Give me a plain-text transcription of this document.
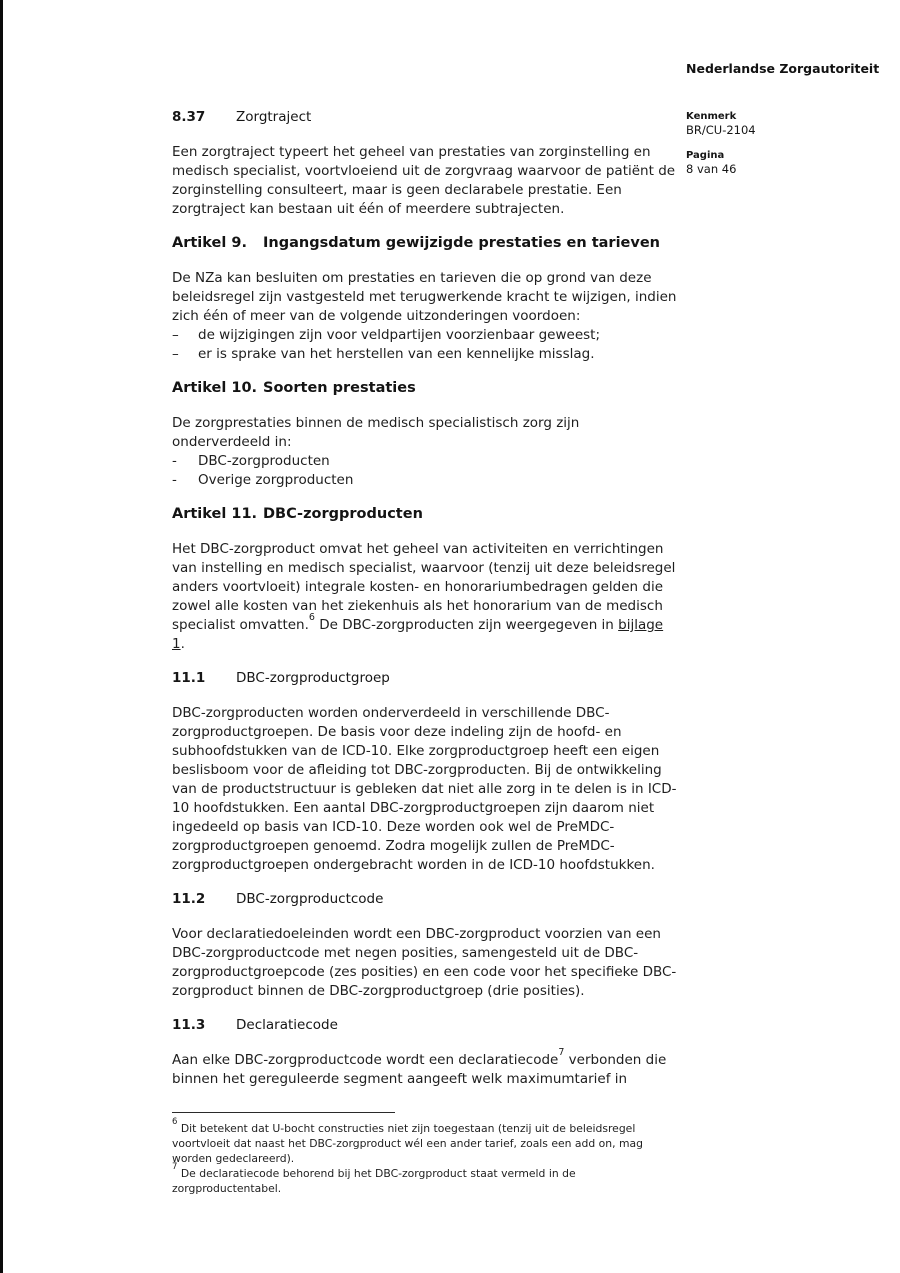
Nederlandse Zorgautoriteit
Kenmerk
BR/CU-2104
Pagina
8 van 46
8.37	Zorgtraject

Een zorgtraject typeert het geheel van prestaties van zorginstelling en medisch specialist, voortvloeiend uit de zorgvraag waarvoor de patiënt de zorginstelling consulteert, maar is geen declarabele prestatie. Een zorgtraject kan bestaan uit één of meerdere subtrajecten.

Artikel 9.	Ingangsdatum gewijzigde prestaties en tarieven

De NZa kan besluiten om prestaties en tarieven die op grond van deze beleidsregel zijn vastgesteld met terugwerkende kracht te wijzigen, indien zich één of meer van de volgende uitzonderingen voordoen:

–	de wijzigingen zijn voor veldpartijen voorzienbaar geweest;
–	er is sprake van het herstellen van een kennelijke misslag.
Artikel 10. Soorten prestaties

De zorgprestaties binnen de medisch specialistisch zorg zijn onderverdeeld in:

-	DBC-zorgproducten
-	Overige zorgproducten
Artikel 11. DBC-zorgproducten

Het DBC-zorgproduct omvat het geheel van activiteiten en verrichtingen van instelling en medisch specialist, waarvoor (tenzij uit deze beleidsregel anders voortvloeit) integrale kosten- en honorariumbedragen gelden die zowel alle kosten van het ziekenhuis als het honorarium van de medisch specialist omvatten.$^6$ De DBC-zorgproducten zijn weergegeven in bijlage 1.

11.1	DBC-zorgproductgroep

DBC-zorgproducten worden onderverdeeld in verschillende DBC-zorgproductgroepen. De basis voor deze indeling zijn de hoofd- en subhoofdstukken van de ICD-10. Elke zorgproductgroep heeft een eigen beslisboom voor de afleiding tot DBC-zorgproducten. Bij de ontwikkeling van de productstructuur is gebleken dat niet alle zorg in te delen is in ICD-10 hoofdstukken. Een aantal DBC-zorgproductgroepen zijn daarom niet ingedeeld op basis van ICD-10. Deze worden ook wel de PreMDC-zorgproductgroepen genoemd. Zodra mogelijk zullen de PreMDC-zorgproductgroepen ondergebracht worden in de ICD-10 hoofdstukken.

11.2	DBC-zorgproductcode

Voor declaratiedoeleinden wordt een DBC-zorgproduct voorzien van een DBC-zorgproductcode met negen posities, samengesteld uit de DBC-zorgproductgroepcode (zes posities) en een code voor het specifieke DBC-zorgproduct binnen de DBC-zorgproductgroep (drie posities).

11.3	Declaratiecode

Aan elke DBC-zorgproductcode wordt een declaratiecode$^7$ verbonden die binnen het gereguleerde segment aangeeft welk maximumtarief in

$^6$ Dit betekent dat U-bocht constructies niet zijn toegestaan (tenzij uit de beleidsregel voortvloeit dat naast het DBC-zorgproduct wél een ander tarief, zoals een add on, mag worden gedeclareerd).

$^7$ De declaratiecode behorend bij het DBC-zorgproduct staat vermeld in de zorgproductentabel.
